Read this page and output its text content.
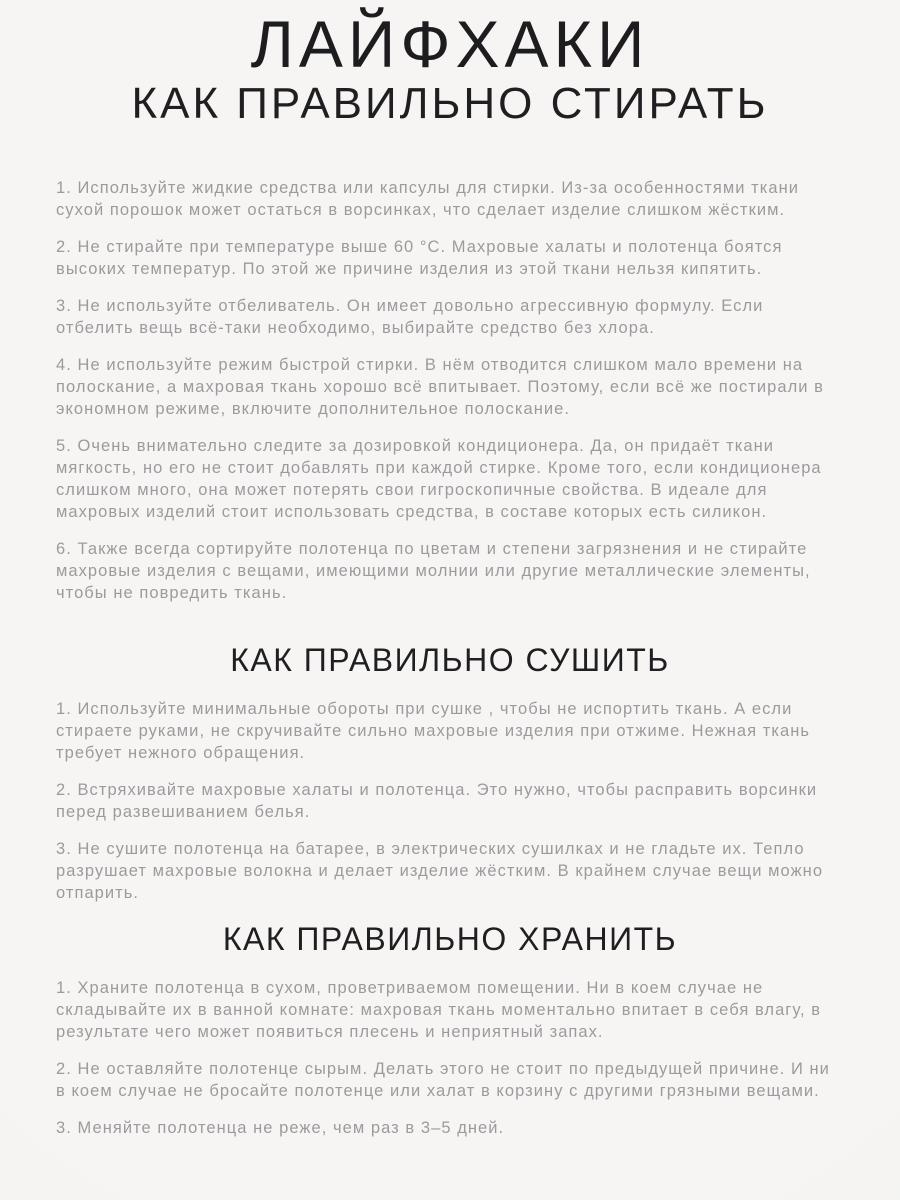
ЛАЙФХАКИ
КАК ПРАВИЛЬНО СТИРАТЬ

1. Используйте жидкие средства или капсулы для стирки. Из-за особенностями ткани сухой порошок может остаться в ворсинках, что сделает изделие слишком жёстким.

2. Не стирайте при температуре выше 60 °С. Махровые халаты и полотенца боятся высоких температур. По этой же причине изделия из этой ткани нельзя кипятить.

3. Не используйте отбеливатель. Он имеет довольно агрессивную формулу. Если отбелить вещь всё-таки необходимо, выбирайте средство без хлора.

4. Не используйте режим быстрой стирки. В нём отводится слишком мало времени на полоскание, а махровая ткань хорошо всё впитывает. Поэтому, если всё же постирали в экономном режиме, включите дополнительное полоскание.

5. Очень внимательно следите за дозировкой кондиционера. Да, он придаёт ткани мягкость, но его не стоит добавлять при каждой стирке. Кроме того, если кондиционера слишком много, она может потерять свои гигроскопичные свойства. В идеале для махровых изделий стоит использовать средства, в составе которых есть силикон.

6. Также всегда сортируйте полотенца по цветам и степени загрязнения и не стирайте махровые изделия с вещами, имеющими молнии или другие металлические элементы, чтобы не повредить ткань.

КАК ПРАВИЛЬНО СУШИТЬ

1. Используйте минимальные обороты при сушке , чтобы не испортить ткань. А если стираете руками, не скручивайте сильно махровые изделия при отжиме. Нежная ткань требует нежного обращения.

2. Встряхивайте махровые халаты и полотенца. Это нужно, чтобы расправить ворсинки перед развешиванием белья.

3. Не сушите полотенца на батарее, в электрических сушилках и не гладьте их. Тепло разрушает махровые волокна и делает изделие жёстким. В крайнем случае вещи можно отпарить.

КАК ПРАВИЛЬНО ХРАНИТЬ

1. Храните полотенца в сухом, проветриваемом помещении. Ни в коем случае не складывайте их в ванной комнате: махровая ткань моментально впитает в себя влагу, в результате чего может появиться плесень и неприятный запах.

2. Не оставляйте полотенце сырым. Делать этого не стоит по предыдущей причине. И ни в коем случае не бросайте полотенце или халат в корзину с другими грязными вещами.

3. Меняйте полотенца не реже, чем раз в 3–5 дней.
